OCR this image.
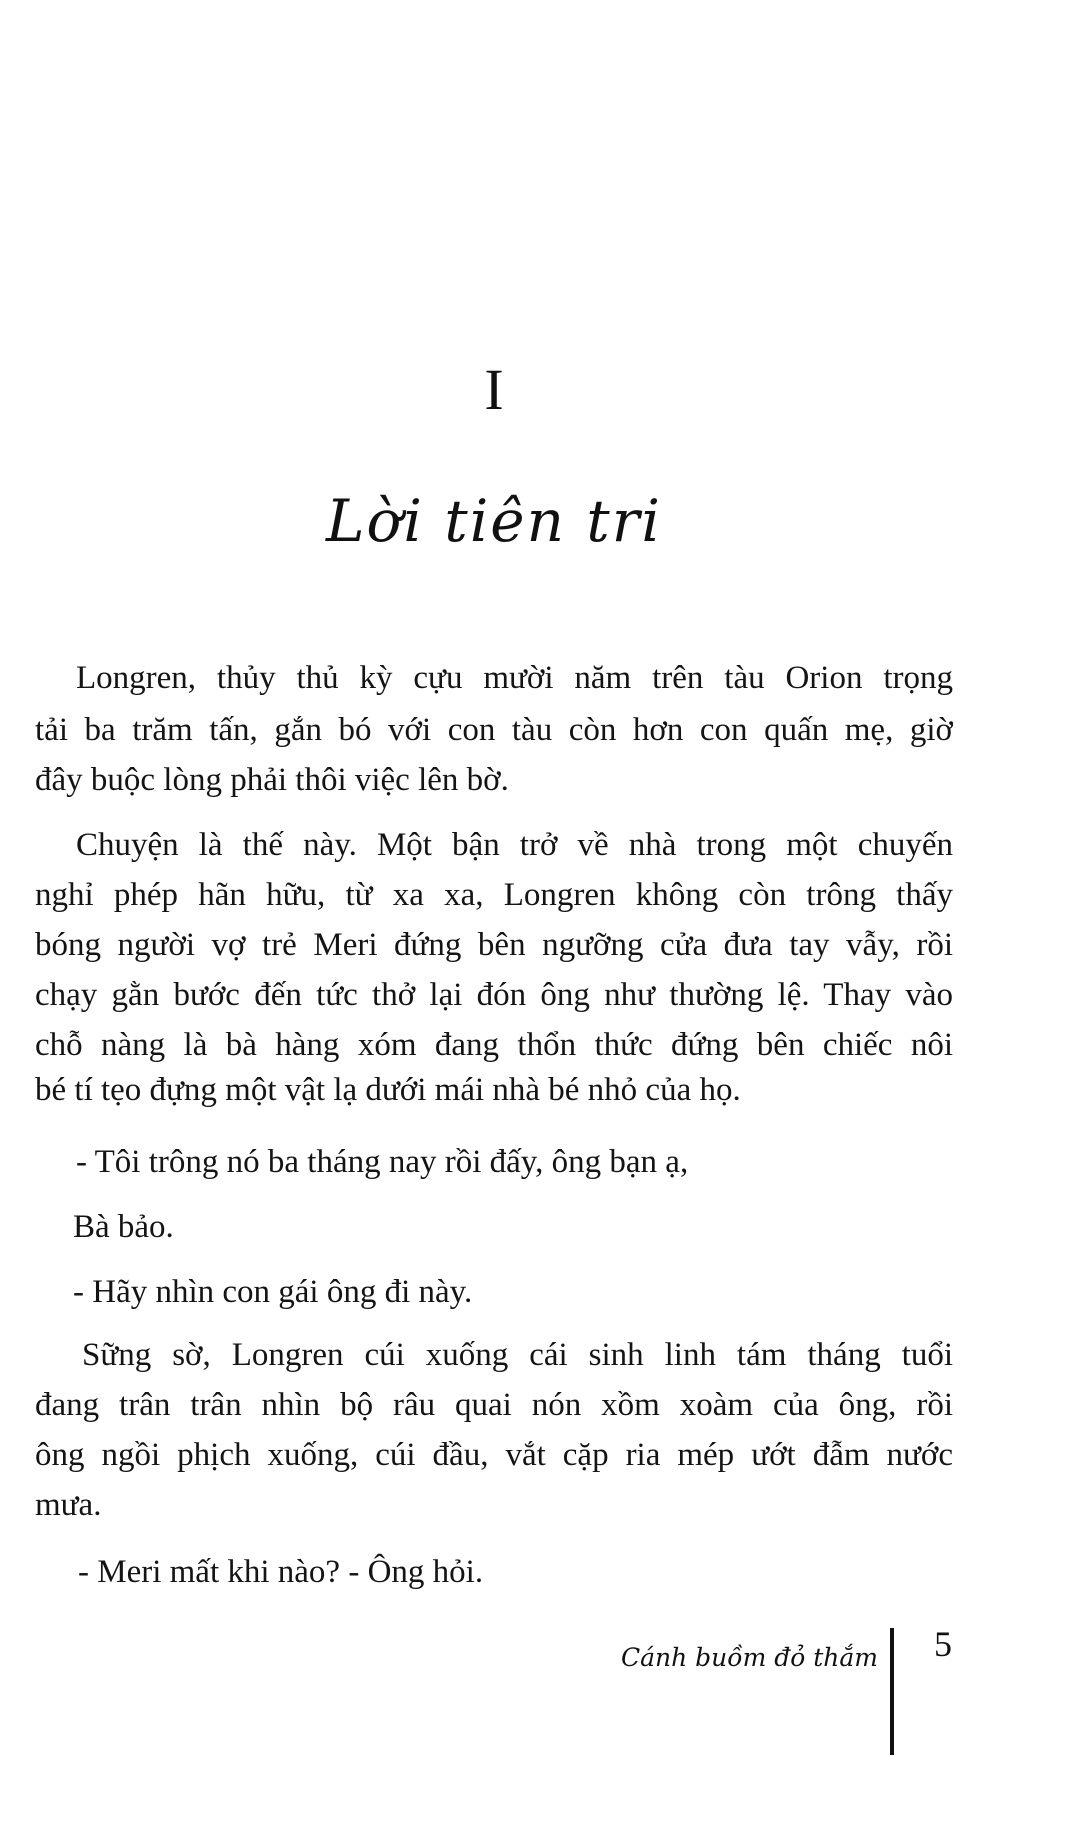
I
Lời tiên tri
Longren, thủy thủ kỳ cựu mười năm trên tàu Orion trọng
tải ba trăm tấn, gắn bó với con tàu còn hơn con quấn mẹ, giờ
đây buộc lòng phải thôi việc lên bờ.
Chuyện là thế này. Một bận trở về nhà trong một chuyến
nghỉ phép hãn hữu, từ xa xa, Longren không còn trông thấy
bóng người vợ trẻ Meri đứng bên ngưỡng cửa đưa tay vẫy, rồi
chạy gằn bước đến tức thở lại đón ông như thường lệ. Thay vào
chỗ nàng là bà hàng xóm đang thổn thức đứng bên chiếc nôi
bé tí tẹo đựng một vật lạ dưới mái nhà bé nhỏ của họ.
- Tôi trông nó ba tháng nay rồi đấy, ông bạn ạ,
Bà bảo.
- Hãy nhìn con gái ông đi này.
Sững sờ, Longren cúi xuống cái sinh linh tám tháng tuổi
đang trân trân nhìn bộ râu quai nón xồm xoàm của ông, rồi
ông ngồi phịch xuống, cúi đầu, vắt cặp ria mép ướt đẫm nước
mưa.
- Meri mất khi nào? - Ông hỏi.
Cánh buồm đỏ thắm 5
